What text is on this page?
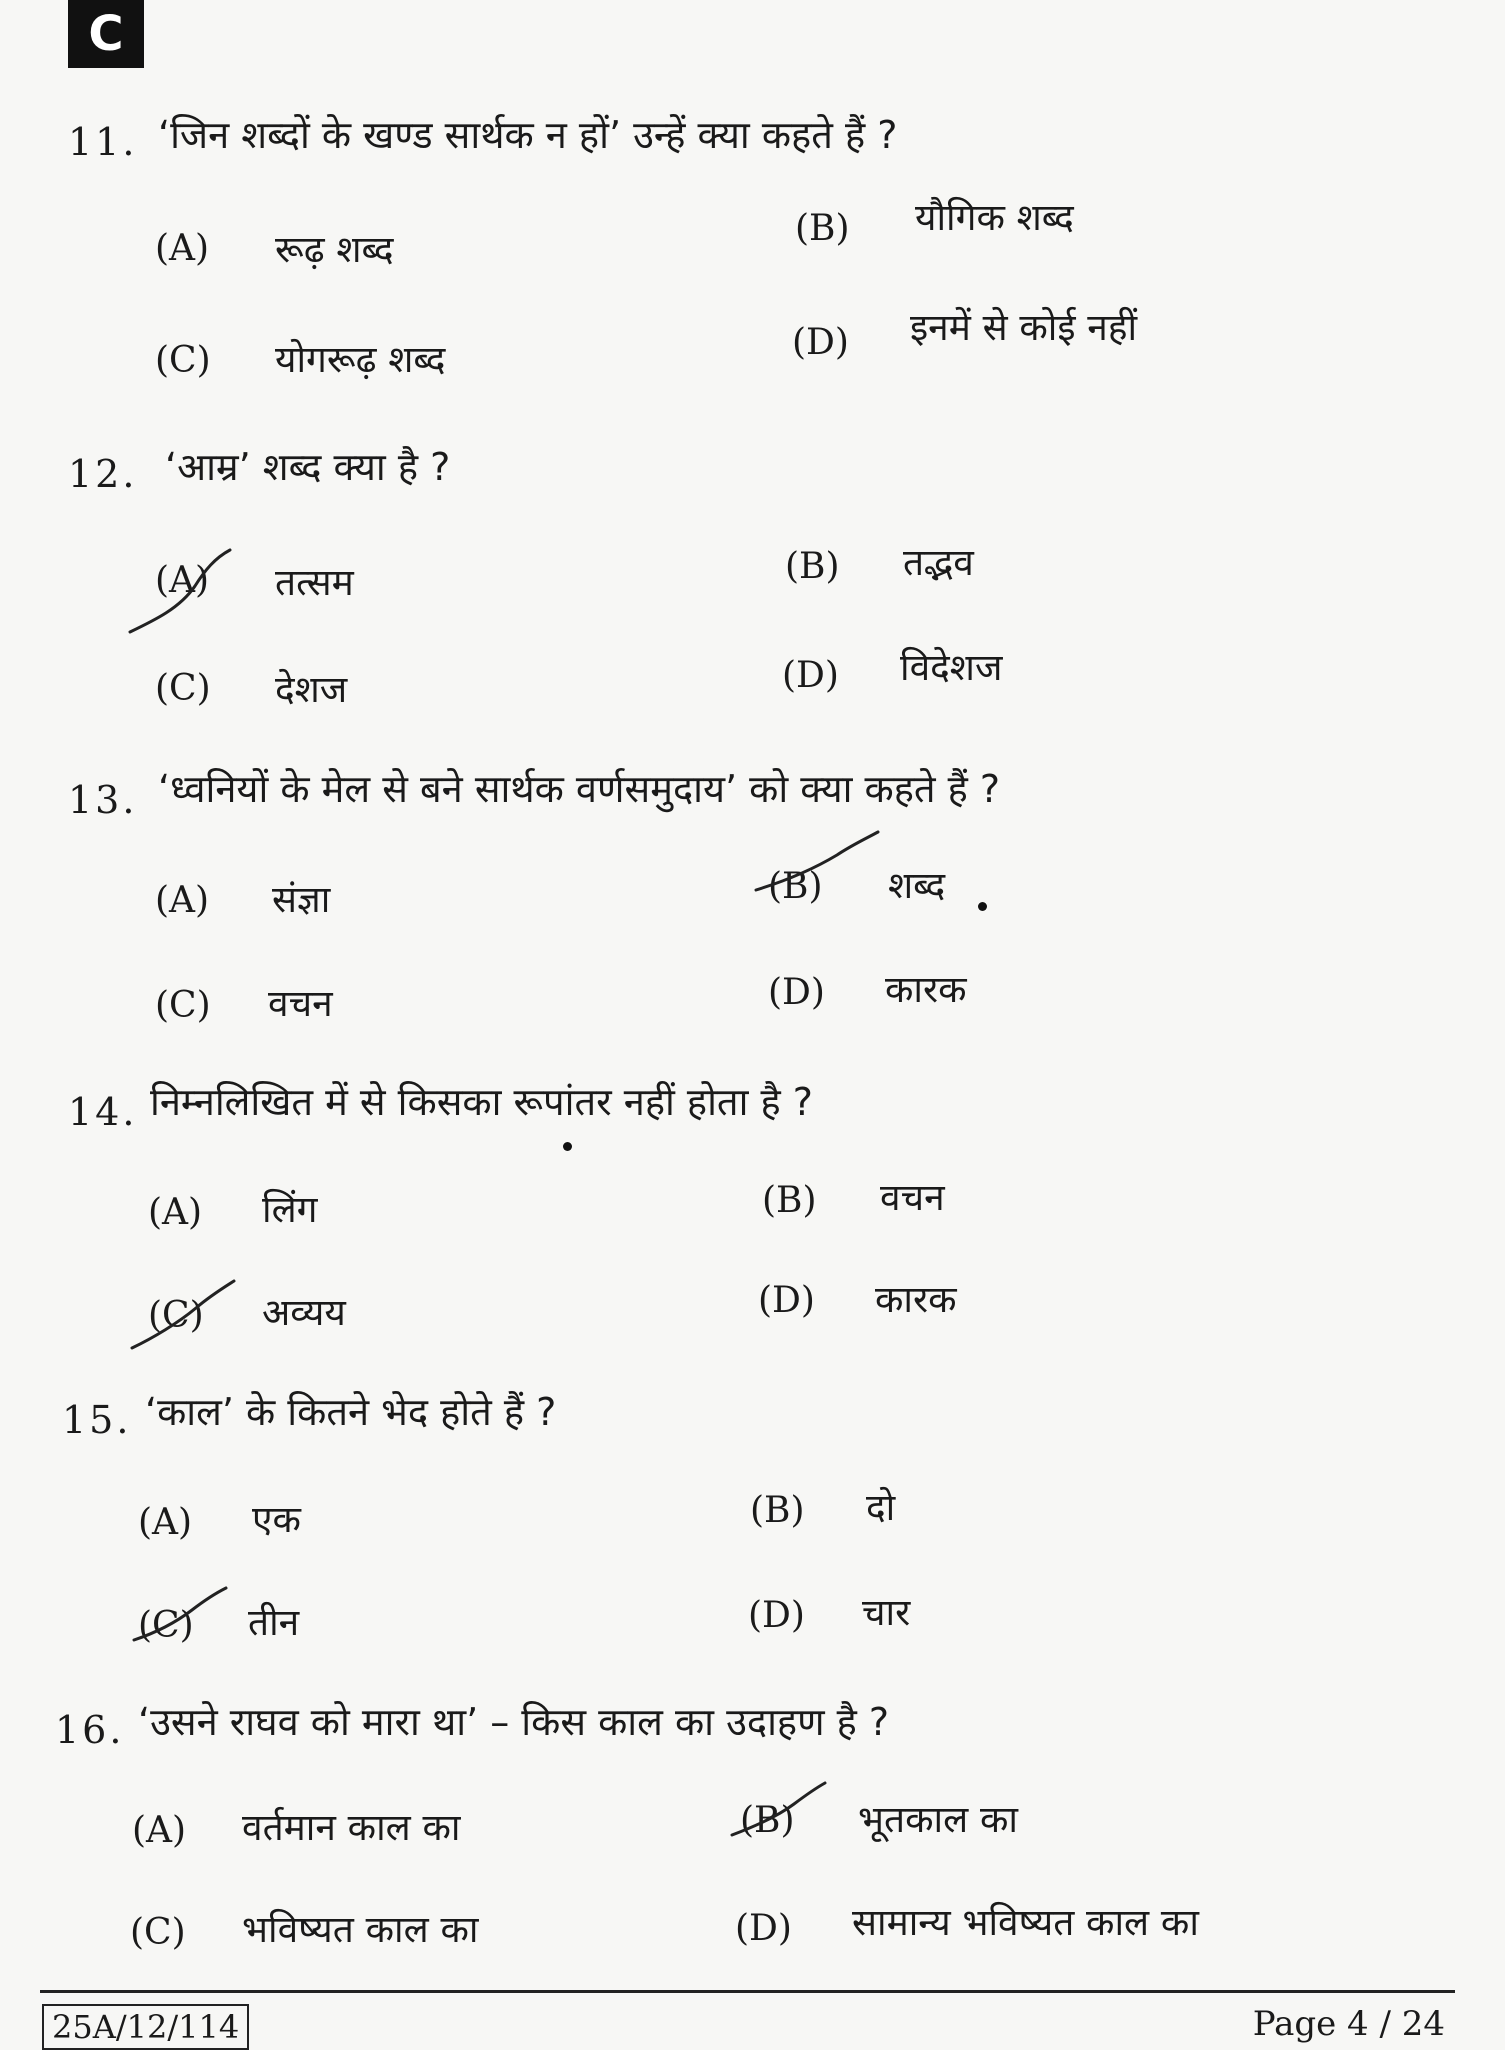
C
11. ‘जिन शब्दों के खण्ड सार्थक न हों’ उन्हें क्या कहते हैं ?
(A) रूढ़ शब्द	(B) यौगिक शब्द
(C) योगरूढ़ शब्द	(D) इनमें से कोई नहीं
12. ‘आम्र’ शब्द क्या है ?
(A) तत्सम	(B) तद्भव
(C) देशज	(D) विदेशज
13. ‘ध्वनियों के मेल से बने सार्थक वर्णसमुदाय’ को क्या कहते हैं ?
(A) संज्ञा	(B) शब्द
(C) वचन	(D) कारक
14. निम्नलिखित में से किसका रूपांतर नहीं होता है ?
(A) लिंग	(B) वचन
(C) अव्यय	(D) कारक
15. ‘काल’ के कितने भेद होते हैं ?
(A) एक	(B) दो
(C) तीन	(D) चार
16. ‘उसने राघव को मारा था’ – किस काल का उदाहण है ?
(A) वर्तमान काल का	(B) भूतकाल का
(C) भविष्यत काल का	(D) सामान्य भविष्यत काल का
25A/12/114	Page 4 / 24
